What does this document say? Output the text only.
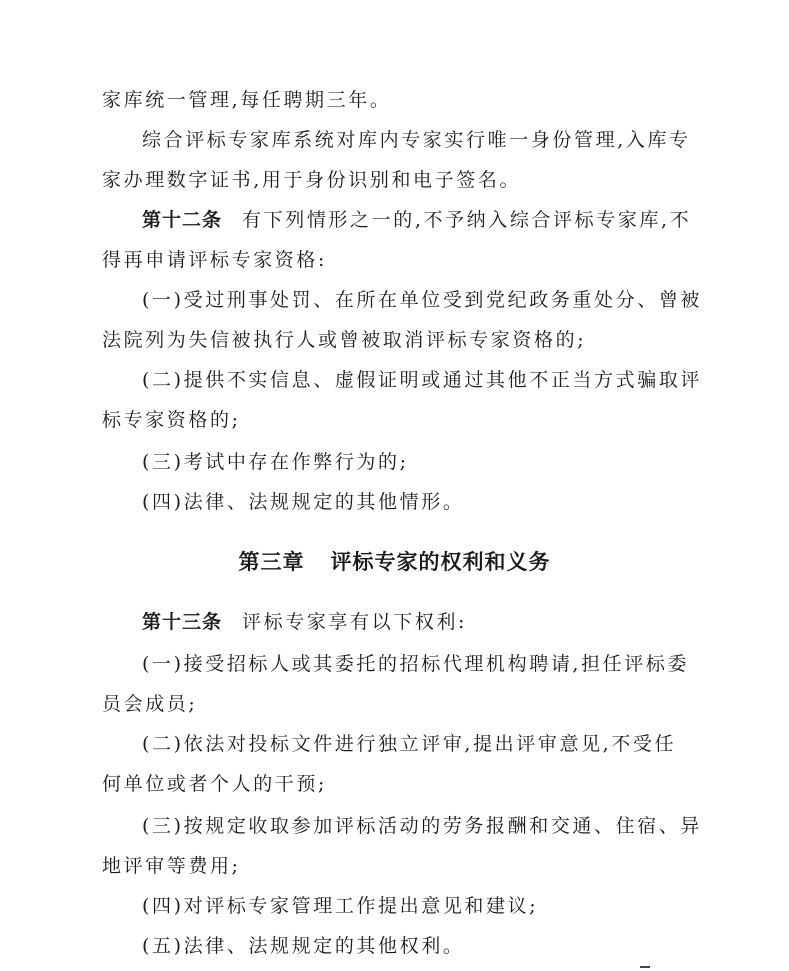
家库统一管理,每任聘期三年。
综合评标专家库系统对库内专家实行唯一身份管理,入库专
家办理数字证书,用于身份识别和电子签名。
第十二条 有下列情形之一的,不予纳入综合评标专家库,不
得再申请评标专家资格:
(一)受过刑事处罚、在所在单位受到党纪政务重处分、曾被
法院列为失信被执行人或曾被取消评标专家资格的;
(二)提供不实信息、虚假证明或通过其他不正当方式骗取评
标专家资格的;
(三)考试中存在作弊行为的;
(四)法律、法规规定的其他情形。
第三章 评标专家的权利和义务
第十三条 评标专家享有以下权利:
(一)接受招标人或其委托的招标代理机构聘请,担任评标委
员会成员;
(二)依法对投标文件进行独立评审,提出评审意见,不受任
何单位或者个人的干预;
(三)按规定收取参加评标活动的劳务报酬和交通、住宿、异
地评审等费用;
(四)对评标专家管理工作提出意见和建议;
(五)法律、法规规定的其他权利。
